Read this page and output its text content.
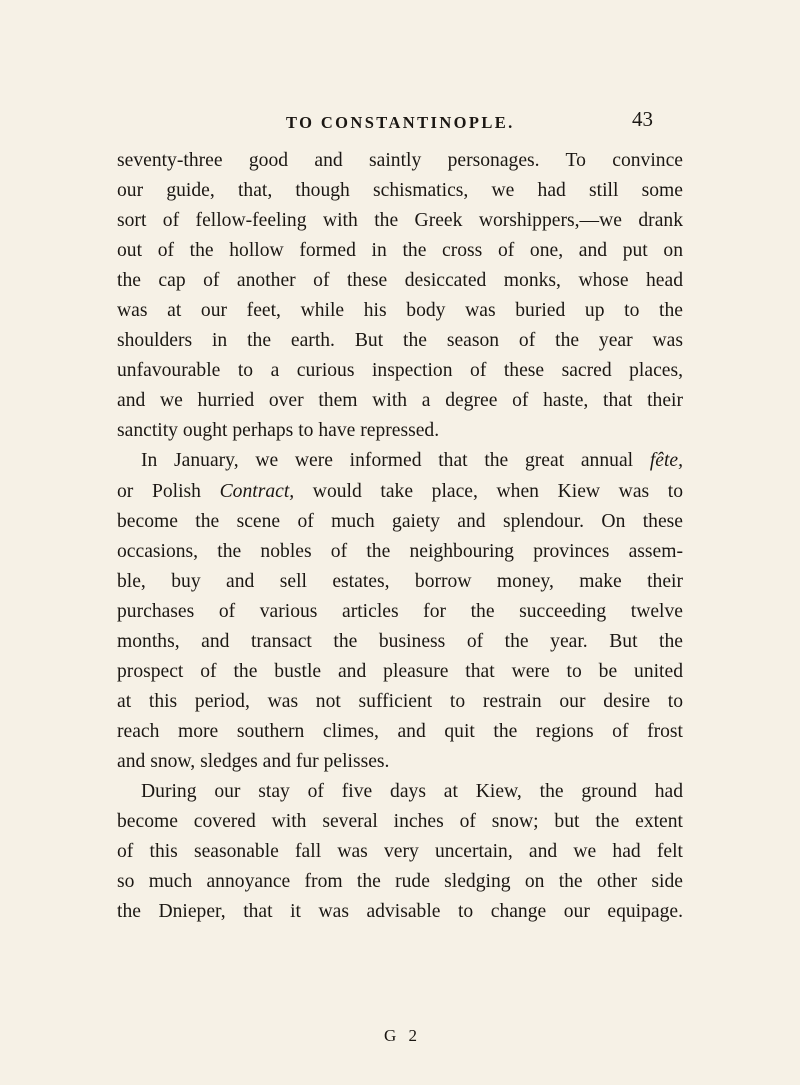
TO CONSTANTINOPLE.	43
seventy-three good and saintly personages. To convince
our guide, that, though schismatics, we had still some
sort of fellow-feeling with the Greek worshippers,—we drank
out of the hollow formed in the cross of one, and put on
the cap of another of these desiccated monks, whose head
was at our feet, while his body was buried up to the
shoulders in the earth. But the season of the year was
unfavourable to a curious inspection of these sacred places,
and we hurried over them with a degree of haste, that their
sanctity ought perhaps to have repressed.
In January, we were informed that the great annual fête,
or Polish Contract, would take place, when Kiew was to
become the scene of much gaiety and splendour. On these
occasions, the nobles of the neighbouring provinces assem-
ble, buy and sell estates, borrow money, make their
purchases of various articles for the succeeding twelve
months, and transact the business of the year. But the
prospect of the bustle and pleasure that were to be united
at this period, was not sufficient to restrain our desire to
reach more southern climes, and quit the regions of frost
and snow, sledges and fur pelisses.
During our stay of five days at Kiew, the ground had
become covered with several inches of snow; but the extent
of this seasonable fall was very uncertain, and we had felt
so much annoyance from the rude sledging on the other side
the Dnieper, that it was advisable to change our equipage.
G 2
